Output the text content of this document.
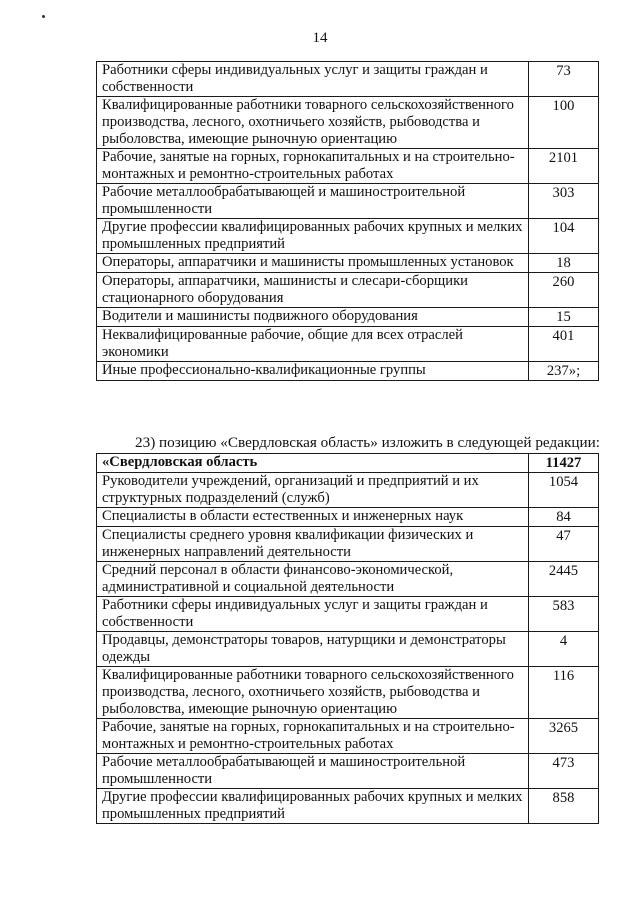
14
Работники сферы индивидуальных услуг и защиты граждан и собственности	73
Квалифицированные работники товарного сельскохозяйственного производства, лесного, охотничьего хозяйств, рыбоводства и рыболовства, имеющие рыночную ориентацию	100
Рабочие, занятые на горных, горнокапитальных и на строительно-монтажных и ремонтно-строительных работах	2101
Рабочие металлообрабатывающей и машиностроительной промышленности	303
Другие профессии квалифицированных рабочих крупных и мелких промышленных предприятий	104
Операторы, аппаратчики и машинисты промышленных установок	18
Операторы, аппаратчики, машинисты и слесари-сборщики стационарного оборудования	260
Водители и машинисты подвижного оборудования	15
Неквалифицированные рабочие, общие для всех отраслей экономики	401
Иные профессионально-квалификационные группы	237»;
23) позицию «Свердловская область» изложить в следующей редакции:
«Свердловская область	11427
Руководители учреждений, организаций и предприятий и их структурных подразделений (служб)	1054
Специалисты в области естественных и инженерных наук	84
Специалисты среднего уровня квалификации физических и инженерных направлений деятельности	47
Средний персонал в области финансово-экономической, административной и социальной деятельности	2445
Работники сферы индивидуальных услуг и защиты граждан и собственности	583
Продавцы, демонстраторы товаров, натурщики и демонстраторы одежды	4
Квалифицированные работники товарного сельскохозяйственного производства, лесного, охотничьего хозяйств, рыбоводства и рыболовства, имеющие рыночную ориентацию	116
Рабочие, занятые на горных, горнокапитальных и на строительно-монтажных и ремонтно-строительных работах	3265
Рабочие металлообрабатывающей и машиностроительной промышленности	473
Другие профессии квалифицированных рабочих крупных и мелких промышленных предприятий	858
